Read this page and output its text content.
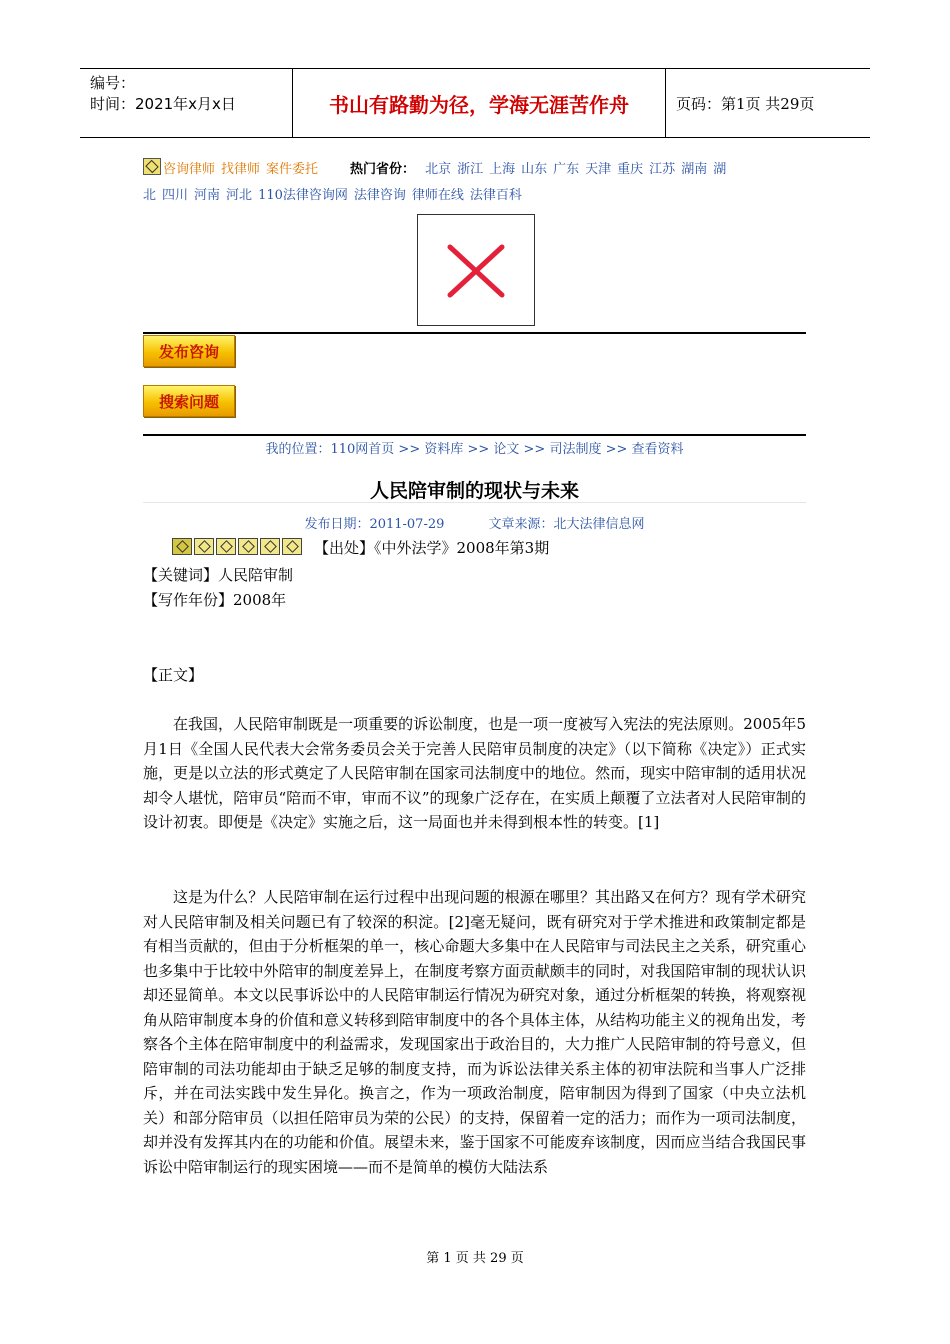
编号：
时间：2021年x月x日	书山有路勤为径，学海无涯苦作舟	页码：第1页 共29页
咨询律师 找律师 案件委托 热门省份： 北京 浙江 上海 山东 广东 天津 重庆 江苏 湖南 湖
北 四川 河南 河北 110法律咨询网 法律咨询 律师在线 法律百科
发布咨询
搜索问题
我的位置：110网首页 >> 资料库 >> 论文 >> 司法制度 >> 查看资料
人民陪审制的现状与未来
发布日期：2011-07-29	文章来源：北大法律信息网
【出处】《中外法学》2008年第3期
【关键词】人民陪审制
【写作年份】2008年
【正文】

在我国，人民陪审制既是一项重要的诉讼制度，也是一项一度被写入宪法的宪法原则。2005年5月1日《全国人民代表大会常务委员会关于完善人民陪审员制度的决定》（以下简称《决定》）正式实施，更是以立法的形式奠定了人民陪审制在国家司法制度中的地位。然而，现实中陪审制的适用状况却令人堪忧，陪审员“陪而不审，审而不议”的现象广泛存在，在实质上颠覆了立法者对人民陪审制的设计初衷。即便是《决定》实施之后，这一局面也并未得到根本性的转变。[1]

这是为什么？人民陪审制在运行过程中出现问题的根源在哪里？其出路又在何方？现有学术研究对人民陪审制及相关问题已有了较深的积淀。[2]毫无疑问，既有研究对于学术推进和政策制定都是有相当贡献的，但由于分析框架的单一，核心命题大多集中在人民陪审与司法民主之关系，研究重心也多集中于比较中外陪审的制度差异上，在制度考察方面贡献颇丰的同时，对我国陪审制的现状认识却还显简单。本文以民事诉讼中的人民陪审制运行情况为研究对象，通过分析框架的转换，将观察视角从陪审制度本身的价值和意义转移到陪审制度中的各个具体主体，从结构功能主义的视角出发，考察各个主体在陪审制度中的利益需求，发现国家出于政治目的，大力推广人民陪审制的符号意义，但陪审制的司法功能却由于缺乏足够的制度支持，而为诉讼法律关系主体的初审法院和当事人广泛排斥，并在司法实践中发生异化。换言之，作为一项政治制度，陪审制因为得到了国家（中央立法机关）和部分陪审员（以担任陪审员为荣的公民）的支持，保留着一定的活力；而作为一项司法制度，却并没有发挥其内在的功能和价值。展望未来，鉴于国家不可能废弃该制度，因而应当结合我国民事诉讼中陪审制运行的现实困境——而不是简单的模仿大陆法系

第 1 页 共 29 页
